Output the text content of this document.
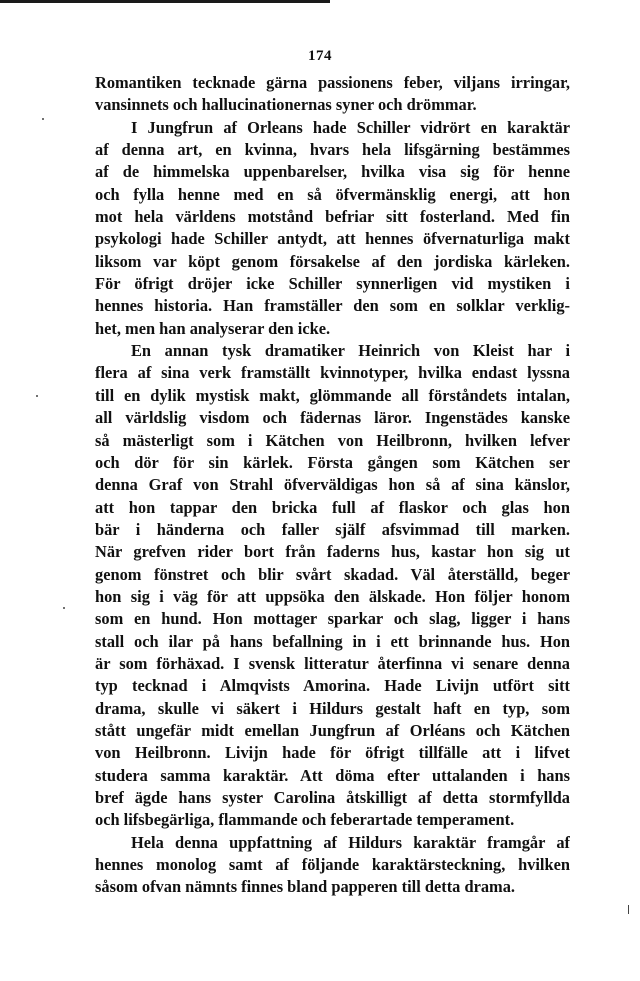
174
Romantiken tecknade gärna passionens feber, viljans irringar,
vansinnets och hallucinationernas syner och drömmar.
I Jungfrun af Orleans hade Schiller vidrört en karaktär
af denna art, en kvinna, hvars hela lifsgärning bestämmes
af de himmelska uppenbarelser, hvilka visa sig för henne
och fylla henne med en så öfvermänsklig energi, att hon
mot hela världens motstånd befriar sitt fosterland. Med fin
psykologi hade Schiller antydt, att hennes öfvernaturliga makt
liksom var köpt genom försakelse af den jordiska kärleken.
För öfrigt dröjer icke Schiller synnerligen vid mystiken i
hennes historia. Han framställer den som en solklar verklig-
het, men han analyserar den icke.
En annan tysk dramatiker Heinrich von Kleist har i
flera af sina verk framställt kvinnotyper, hvilka endast lyssna
till en dylik mystisk makt, glömmande all förståndets intalan,
all världslig visdom och fädernas läror. Ingenstädes kanske
så mästerligt som i Kätchen von Heilbronn, hvilken lefver
och dör för sin kärlek. Första gången som Kätchen ser
denna Graf von Strahl öfverväldigas hon så af sina känslor,
att hon tappar den bricka full af flaskor och glas hon
bär i händerna och faller själf afsvimmad till marken.
När grefven rider bort från faderns hus, kastar hon sig ut
genom fönstret och blir svårt skadad. Väl återställd, beger
hon sig i väg för att uppsöka den älskade. Hon följer honom
som en hund. Hon mottager sparkar och slag, ligger i hans
stall och ilar på hans befallning in i ett brinnande hus. Hon
är som förhäxad. I svensk litteratur återfinna vi senare denna
typ tecknad i Almqvists Amorina. Hade Livijn utfört sitt
drama, skulle vi säkert i Hildurs gestalt haft en typ, som
stått ungefär midt emellan Jungfrun af Orléans och Kätchen
von Heilbronn. Livijn hade för öfrigt tillfälle att i lifvet
studera samma karaktär. Att döma efter uttalanden i hans
bref ägde hans syster Carolina åtskilligt af detta stormfyllda
och lifsbegärliga, flammande och feberartade temperament.
Hela denna uppfattning af Hildurs karaktär framgår af
hennes monolog samt af följande karaktärsteckning, hvilken
såsom ofvan nämnts finnes bland papperen till detta drama.
